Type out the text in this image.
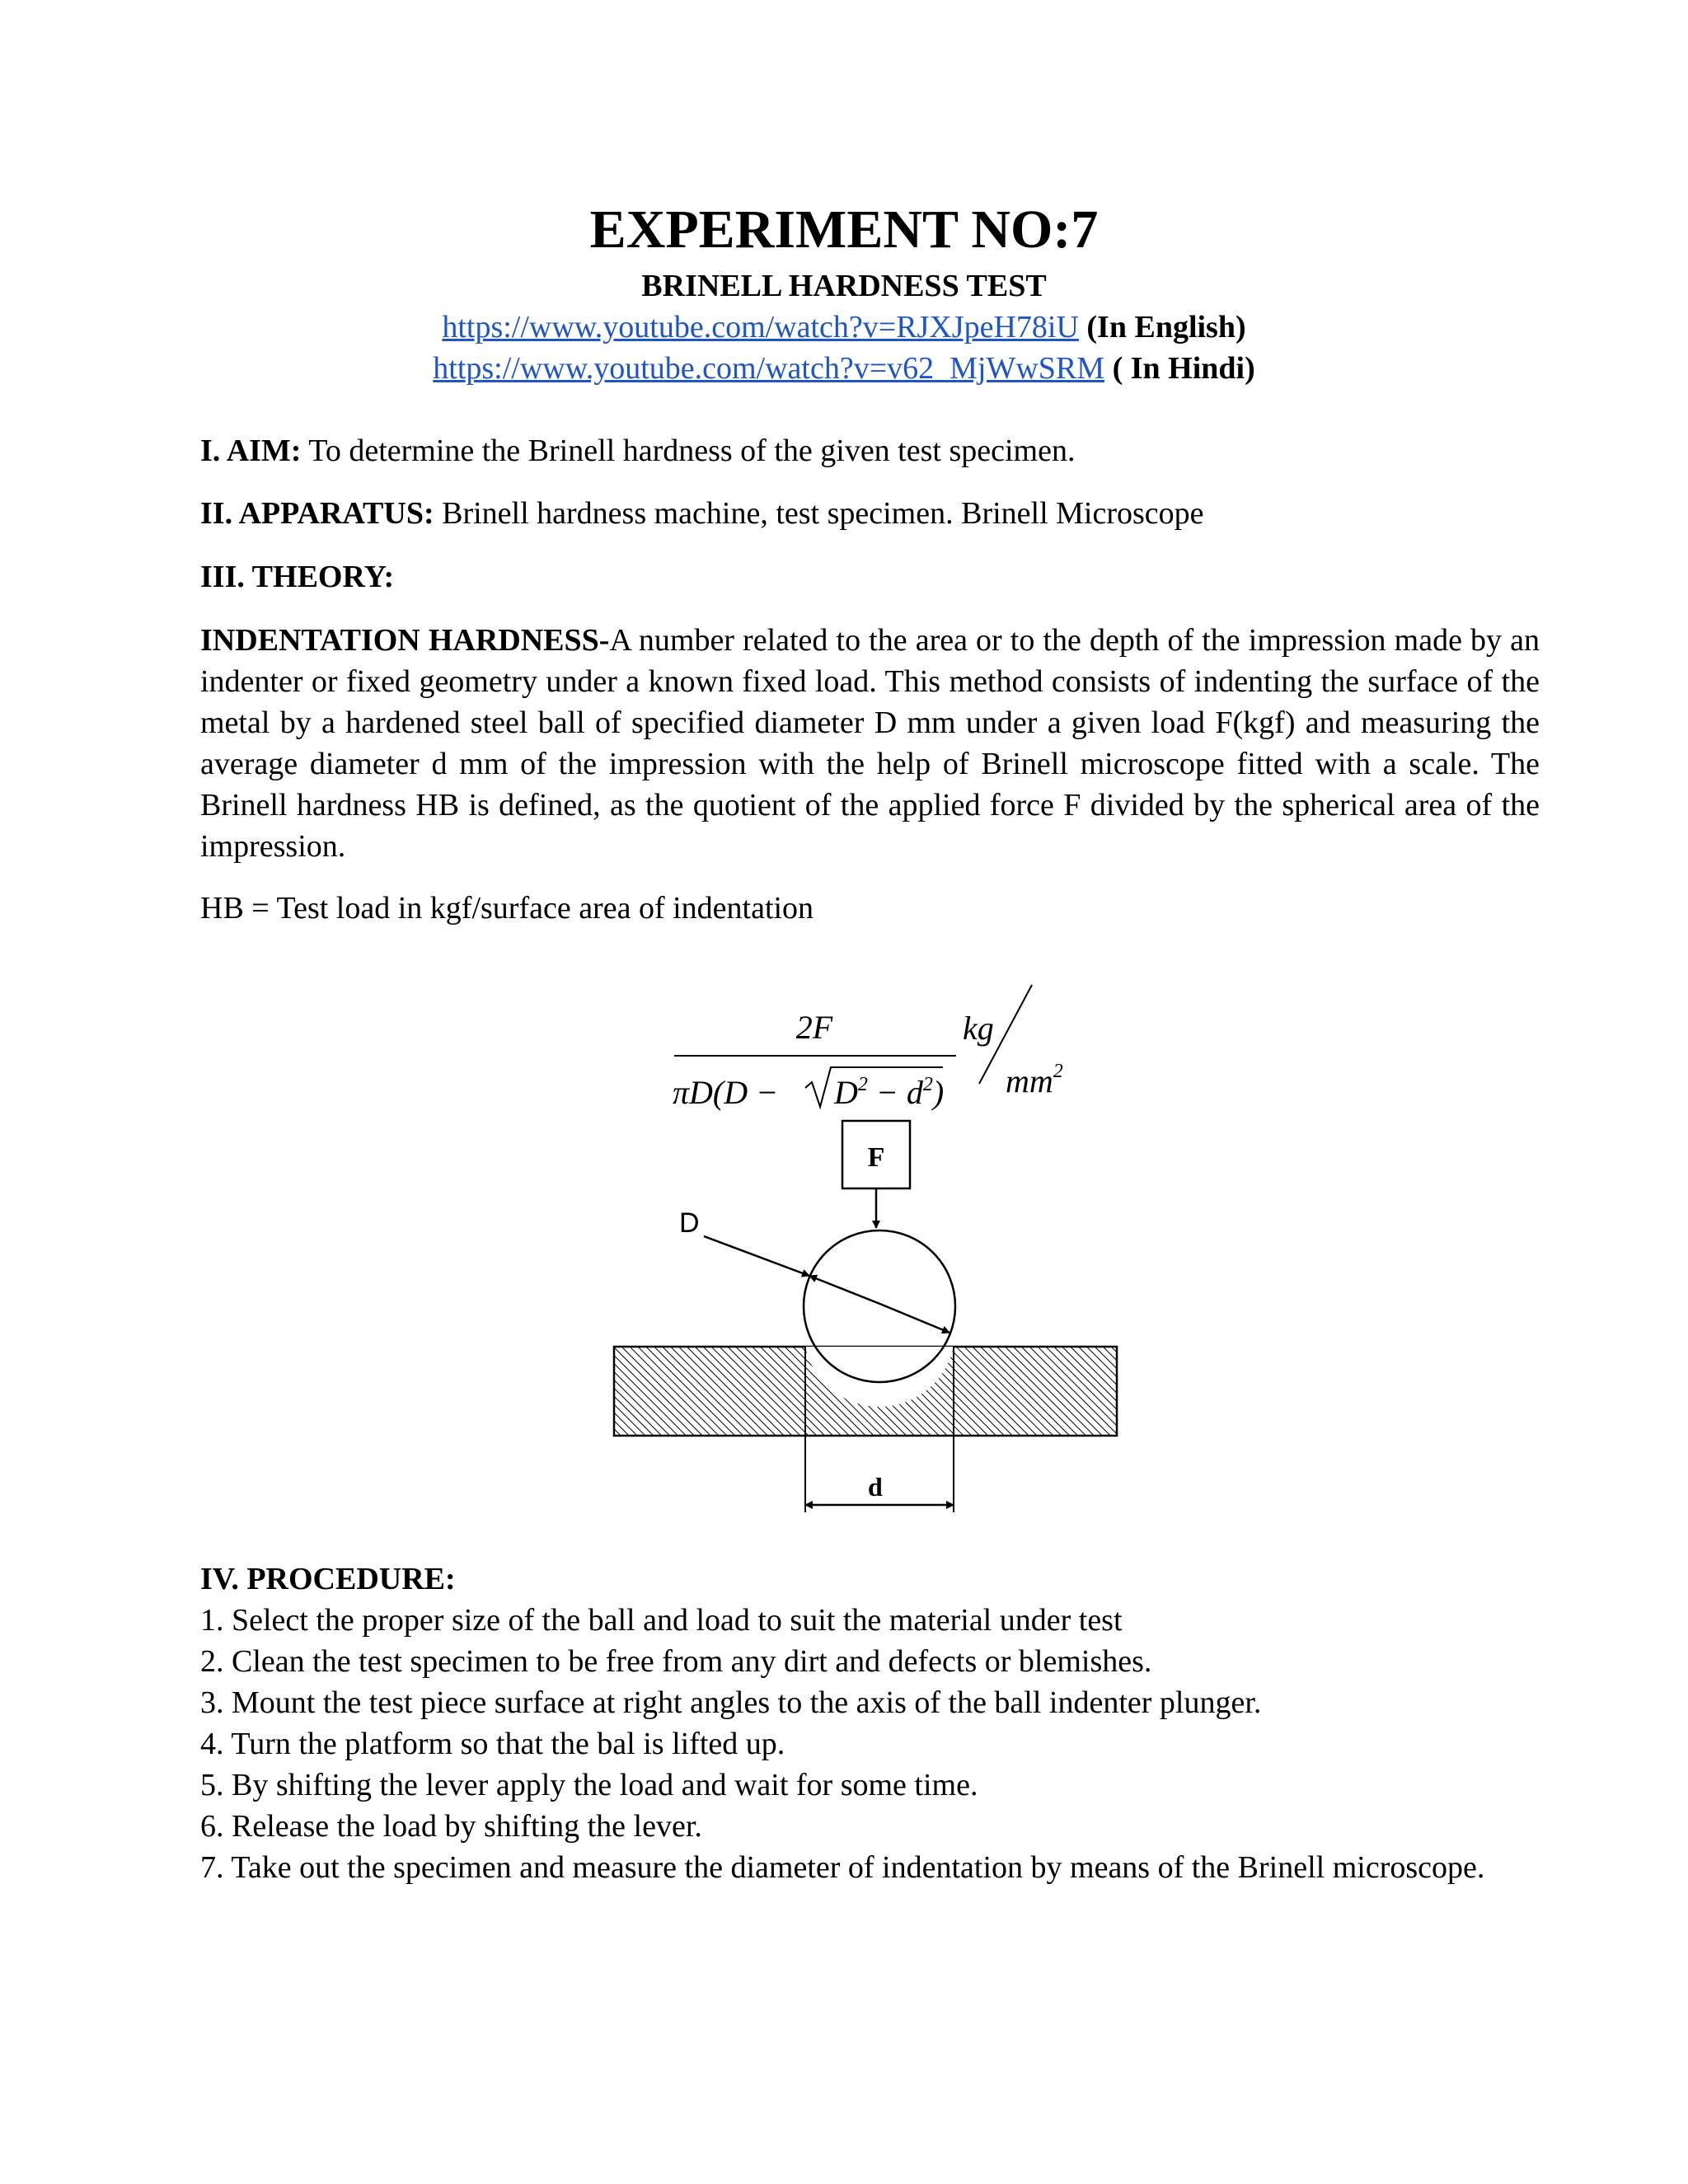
EXPERIMENT NO:7
BRINELL HARDNESS TEST
https://www.youtube.com/watch?v=RJXJpeH78iU (In English)
https://www.youtube.com/watch?v=v62_MjWwSRM ( In Hindi)

I. AIM: To determine the Brinell hardness of the given test specimen.

II. APPARATUS: Brinell hardness machine, test specimen. Brinell Microscope

III. THEORY:

INDENTATION HARDNESS-A number related to the area or to the depth of the impression made by an indenter or fixed geometry under a known fixed load. This method consists of indenting the surface of the metal by a hardened steel ball of specified diameter D mm under a given load F(kgf) and measuring the average diameter d mm of the impression with the help of Brinell microscope fitted with a scale. The Brinell hardness HB is defined, as the quotient of the applied force F divided by the spherical area of the impression.

HB = Test load in kgf/surface area of indentation

2F
$\pi D(D - D^2 - d^2)$
kg
$mm^2$
F
D
d

IV. PROCEDURE:

1. Select the proper size of the ball and load to suit the material under test
2. Clean the test specimen to be free from any dirt and defects or blemishes.
3. Mount the test piece surface at right angles to the axis of the ball indenter plunger.
4. Turn the platform so that the bal is lifted up.
5. By shifting the lever apply the load and wait for some time.
6. Release the load by shifting the lever.
7. Take out the specimen and measure the diameter of indentation by means of the Brinell microscope.
